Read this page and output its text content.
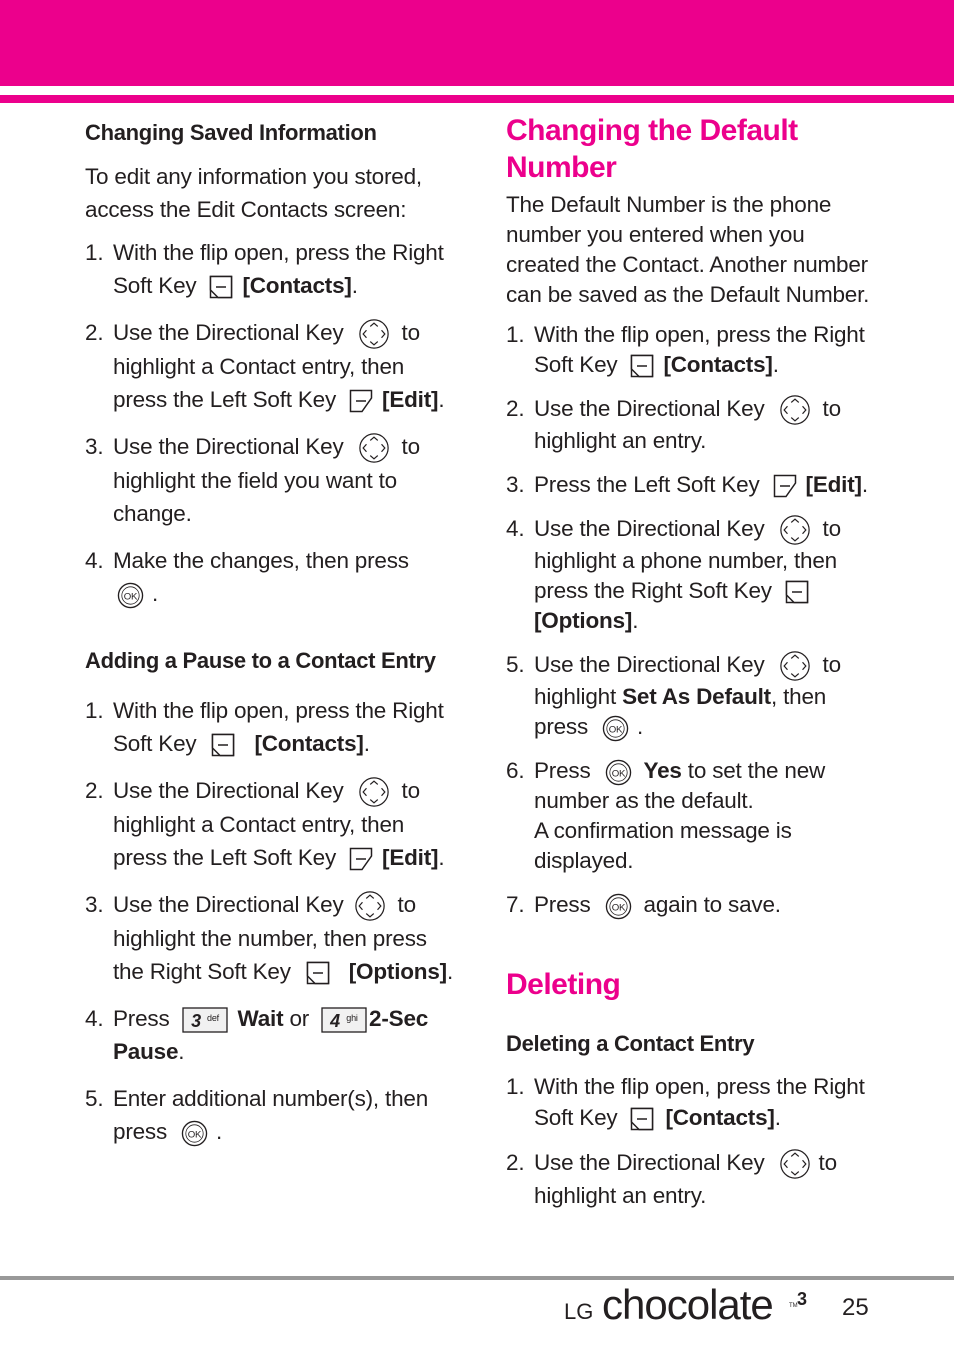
Changing Saved Information

To edit any information you stored, access the Edit Contacts screen:

1. With the flip open, press the Right Soft Key [Contacts].
2. Use the Directional Key	to highlight a Contact entry, then press the Left Soft Key [Edit].
3. Use the Directional Key	to highlight the field you want to change.
4. Make the changes, then press

.
Adding a Pause to a Contact Entry
1. With the flip open, press the Right Soft Key	[Contacts].
2. Use the Directional Key	to highlight a Contact entry, then press the Left Soft Key [Edit].
3. Use the Directional Key to highlight the number, then press the Right Soft Key	[Options].
4. Press 3 def Wait or 4 ghi 2-Sec Pause.
5. Enter additional number(s), then press .
Changing the Default Number

The Default Number is the phone number you entered when you created the Contact. Another number can be saved as the Default Number.

1. With the flip open, press the Right Soft Key [Contacts].
2. Use the Directional Key	to highlight an entry.
3. Press the Left Soft Key [Edit].
4. Use the Directional Key	to highlight a phone number, then press the Right Soft Key

[Options].
5. Use the Directional Key	to highlight Set As Default, then press .
6. Press Yes to set the new number as the default.
A confirmation message is displayed.
7. Press again to save.
Deleting
Deleting a Contact Entry
1. With the flip open, press the Right Soft Key [Contacts].
2. Use the Directional Key to highlight an entry.
LG chocolate	TM 3 25
